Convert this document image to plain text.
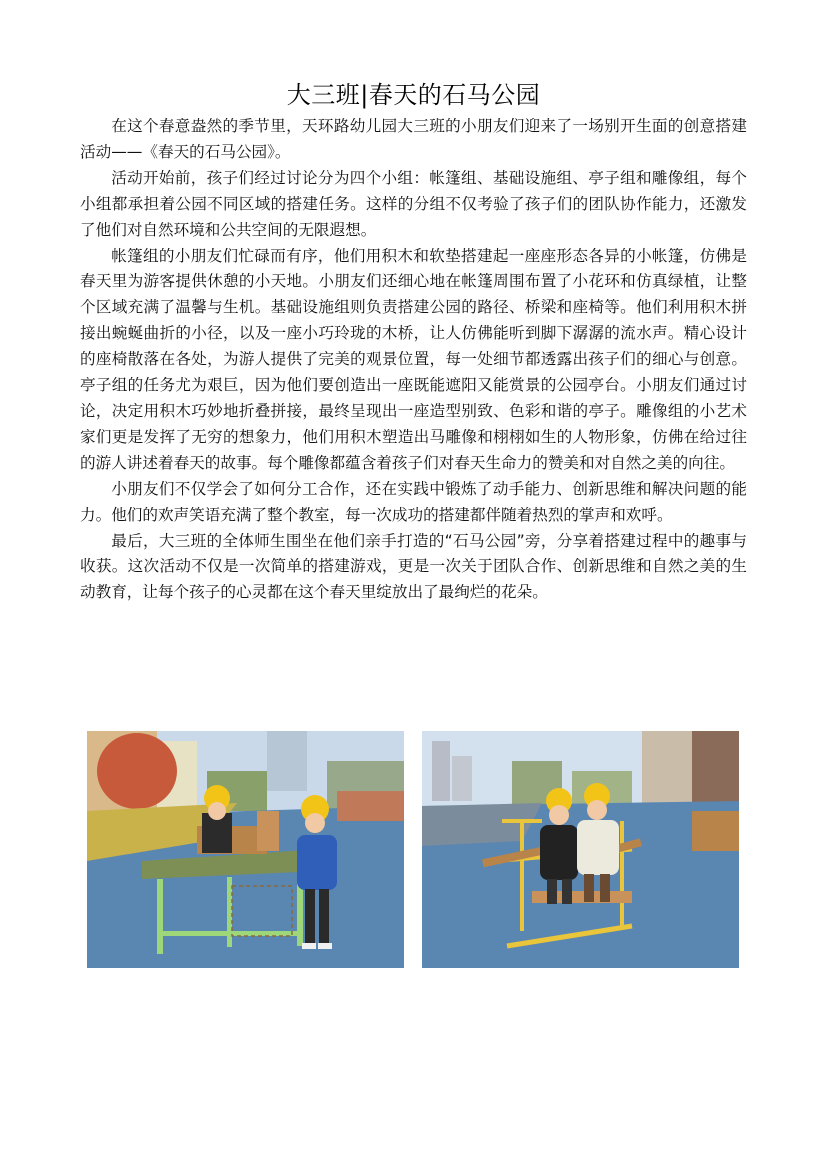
大三班|春天的石马公园

在这个春意盎然的季节里，天环路幼儿园大三班的小朋友们迎来了一场别开生面的创意搭建活动——《春天的石马公园》。

活动开始前，孩子们经过讨论分为四个小组：帐篷组、基础设施组、亭子组和雕像组，每个小组都承担着公园不同区域的搭建任务。这样的分组不仅考验了孩子们的团队协作能力，还激发了他们对自然环境和公共空间的无限遐想。

帐篷组的小朋友们忙碌而有序，他们用积木和软垫搭建起一座座形态各异的小帐篷，仿佛是春天里为游客提供休憩的小天地。小朋友们还细心地在帐篷周围布置了小花环和仿真绿植，让整个区域充满了温馨与生机。基础设施组则负责搭建公园的路径、桥梁和座椅等。他们利用积木拼接出蜿蜒曲折的小径，以及一座小巧玲珑的木桥，让人仿佛能听到脚下潺潺的流水声。精心设计的座椅散落在各处，为游人提供了完美的观景位置，每一处细节都透露出孩子们的细心与创意。亭子组的任务尤为艰巨，因为他们要创造出一座既能遮阳又能赏景的公园亭台。小朋友们通过讨论，决定用积木巧妙地折叠拼接，最终呈现出一座造型别致、色彩和谐的亭子。雕像组的小艺术家们更是发挥了无穷的想象力，他们用积木塑造出马雕像和栩栩如生的人物形象，仿佛在给过往的游人讲述着春天的故事。每个雕像都蕴含着孩子们对春天生命力的赞美和对自然之美的向往。

小朋友们不仅学会了如何分工合作，还在实践中锻炼了动手能力、创新思维和解决问题的能力。他们的欢声笑语充满了整个教室，每一次成功的搭建都伴随着热烈的掌声和欢呼。

最后，大三班的全体师生围坐在他们亲手打造的“石马公园”旁，分享着搭建过程中的趣事与收获。这次活动不仅是一次简单的搭建游戏，更是一次关于团队合作、创新思维和自然之美的生动教育，让每个孩子的心灵都在这个春天里绽放出了最绚烂的花朵。
